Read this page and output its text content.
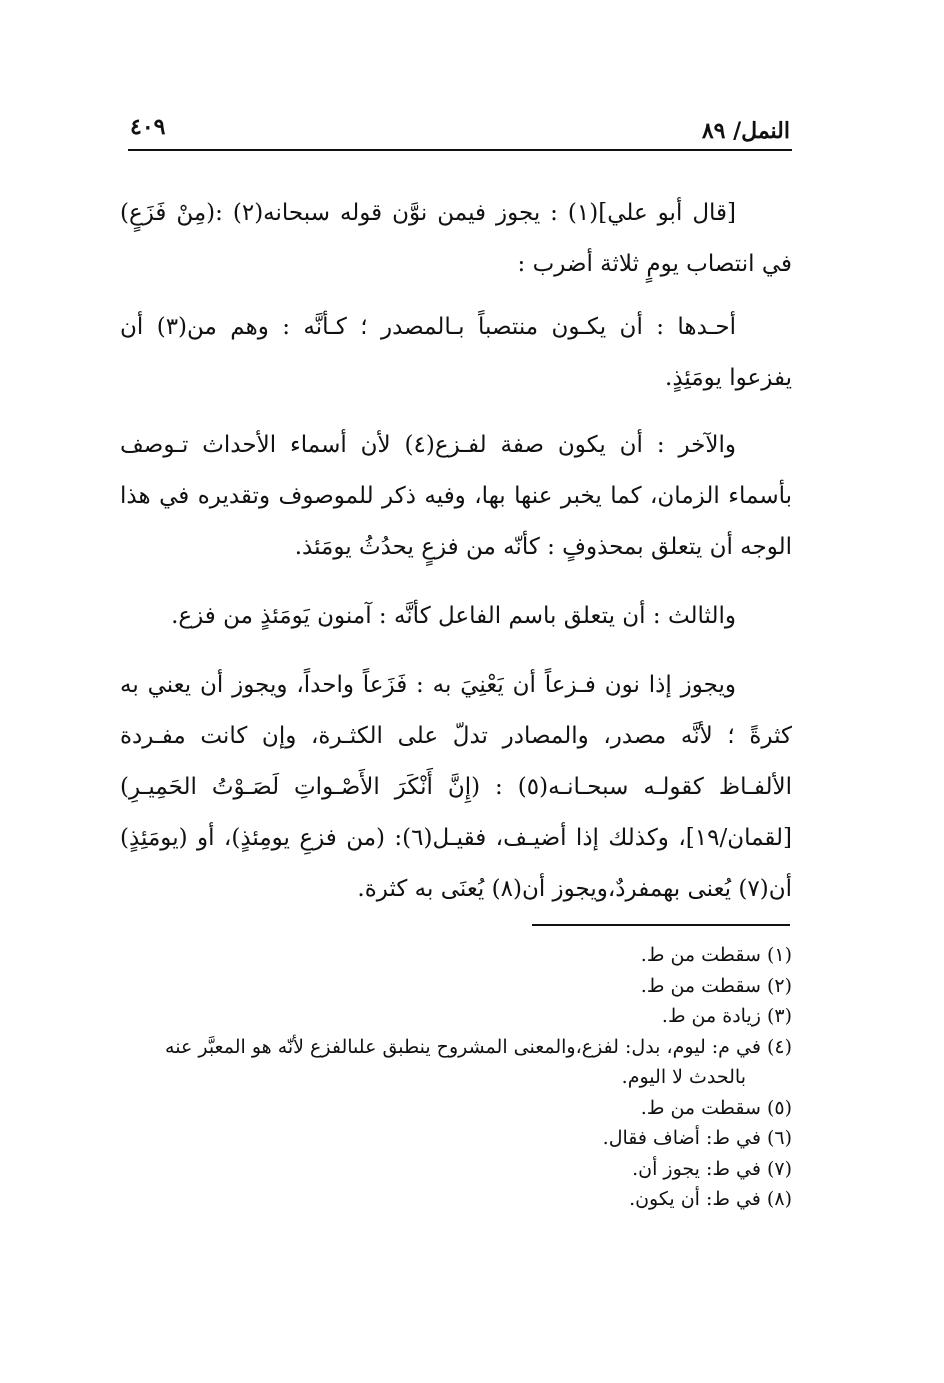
النمل/ ٨٩
٤٠٩

[قال أبو علي](١) : يجوز فيمن نوَّن قوله سبحانه(٢) :(مِنْ فَزَعٍ) في انتصاب يومٍ ثلاثة أضرب :

أحـدها : أن يكـون منتصباً بـالمصدر ؛ كـأنَّه : وهم من(٣) أن يفزعوا يومَئِذٍ.

والآخر : أن يكون صفة لفـزع(٤) لأن أسماء الأحداث تـوصف بأسماء الزمان، كما يخبر عنها بها، وفيه ذكر للموصوف وتقديره في هذا الوجه أن يتعلق بمحذوفٍ : كأنّه من فزعٍ يحدُثُ يومَئذ.

والثالث : أن يتعلق باسم الفاعل كأنَّه : آمنون يَومَئذٍ من فزع.

ويجوز إذا نون فـزعاً أن يَعْنِيَ به : فَزَعاً واحداً، ويجوز أن يعني به كثرةً ؛ لأنَّه مصدر، والمصادر تدلّ على الكثـرة، وإن كانت مفـردة الألفـاظ كقولـه سبحـانـه(٥) : (إِنَّ أَنْكَرَ الأَصْـواتِ لَصَـوْتُ الحَمِيـرِ) [لقمان/١٩]، وكذلك إذا أضيـف، فقيـل(٦): (من فزعِ يومِئذٍ)، أو (يومَئِذٍ) أن(٧) يُعنى بهمفردٌ،ويجوز أن(٨) يُعنَى به كثرة.

(١) سقطت من ط.
(٢) سقطت من ط.
(٣) زيادة من ط.
(٤) في م: ليوم، بدل: لفزع،والمعنى المشروح ينطبق علىالفزع لأنّه هو المعبَّر عنه بالحدث لا اليوم.
(٥) سقطت من ط.
(٦) في ط: أضاف فقال.
(٧) في ط: يجوز أن.
(٨) في ط: أن يكون.
